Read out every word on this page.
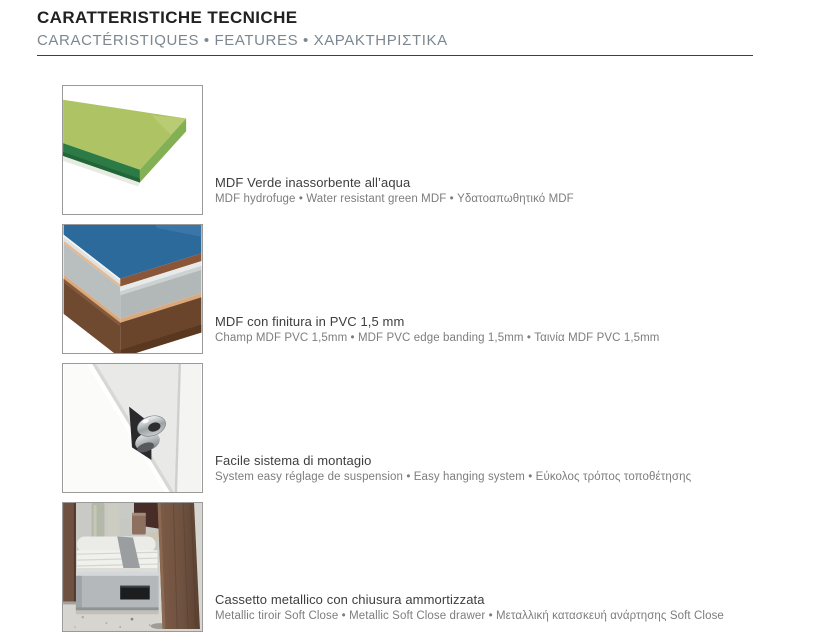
CARATTERISTICHE TECNICHE
CARACTÉRISTIQUES • FEATURES • ΧΑΡΑΚΤΗΡΙΣΤΙΚΑ
MDF Verde inassorbente all’aqua
MDF hydrofuge • Water resistant green MDF • Υδατοαπωθητικό MDF
MDF con finitura in PVC 1,5 mm
Champ MDF PVC 1,5mm • MDF PVC edge banding 1,5mm • Ταινία MDF PVC 1,5mm
Facile sistema di montagio
System easy réglage de suspension • Easy hanging system • Εύκολος τρόπος τοποθέτησης
Cassetto metallico con chiusura ammortizzata
Metallic tiroir Soft Close • Metallic Soft Close drawer • Μεταλλική κατασκευή ανάρτησης Soft Close
